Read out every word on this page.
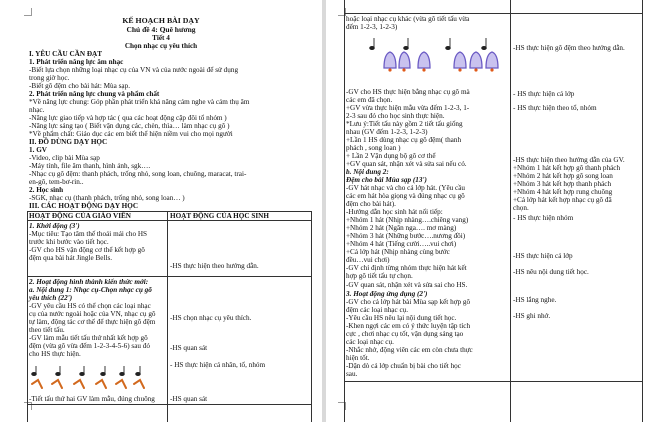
KẾ HOẠCH BÀI DẠY
Chủ đề 4: Quê hương
Tiết 4
Chọn nhạc cụ yêu thích
I. YÊU CẦU CẦN ĐẠT
1. Phát triển năng lực âm nhạc
-Biết lựa chọn những loại nhạc cụ của VN và của nước ngoài để sử dụng
trong giờ học.
-Biết gõ đệm cho bài hát: Mùa sạp.
2. Phát triển năng lực chung và phẩm chất
*Về năng lực chung: Góp phần phát triển khả năng cảm nghe và cảm thụ âm
nhạc.
-Năng lực giao tiếp và hợp tác ( qua các hoạt động cặp đôi tổ nhóm )
-Năng lực sáng tạo ( Biết vận dụng các, chèn, thìa… làm nhạc cụ gõ )
*Về phẩm chất: Giáo dục các em biết thể hiện niềm vui cho mọi người
II. ĐỒ DÙNG DẠY HỌC
1. GV
-Video, clip bài Mùa sạp
-Máy tính, file âm thanh, hình ảnh, sgk….
-Nhạc cụ gõ đệm: thanh phách, trống nhỏ, song loan, chuông, maracat, trai-
en-gô, tem-bơ-rin..
2. Học sinh
-SGK, nhạc cụ (thanh phách, trống nhỏ, song loan… )
III. CÁC HOẠT ĐỘNG DẠY HỌC
HOẠT ĐỘNG CỦA GIÁO VIÊN	HOẠT ĐỘNG CỦA HỌC SINH
1. Khởi động (3')
-Mục tiêu: Tạo tâm thế thoải mái cho HS
trước khi bước vào tiết học.
-GV cho HS vận động cơ thể kết hợp gõ
đệm qua bài hát Jingle Bells.
-HS thực hiện theo hướng dẫn.
2. Hoạt động hình thành kiến thức mới:
a. Nội dung 1: Nhạc cụ-Chọn nhạc cụ gõ
yêu thích (22')
-GV yêu cầu HS có thể chọn các loại nhạc
cụ của nước ngoài hoặc của VN, nhạc cụ gõ
tự làm, động tác cơ thể để thực hiện gõ đệm
theo tiết tấu.
-GV làm mẫu tiết tấu thứ nhất kết hợp gõ
đệm (vừa gõ vừa đếm 1-2-3-4-5-6) sau đó
cho HS thực hiện.
-HS chọn nhạc cụ yêu thích.
-HS quan sát
- HS thực hiện cá nhân, tổ, nhóm
-Tiết tấu thứ hai GV làm mẫu, đúng chuông -HS quan sát
hoặc loại nhạc cụ khác (vừa gõ tiết tấu vừa
đếm 1-2-3, 1-2-3)
-HS thực hiện gõ đệm theo hướng dẫn.
-GV cho HS thực hiện bằng nhạc cụ gõ mà
các em đã chọn.
+GV vừa thực hiện mẫu vừa đếm 1-2-3, 1-
2-3 sau đó cho học sinh thực hiện.
*Lưu ý:Tiết tấu này gồm 2 tiết tấu giống
nhau (GV đếm 1-2-3, 1-2-3)
+Lần 1 HS dùng nhạc cụ gõ đệm( thanh
phách , song loan )
+ Lần 2 Vận dụng bộ gõ cơ thể
+GV quan sát, nhận xét và sửa sai nếu có.
b. Nội dung 2:
Đệm cho bài Mùa sạp (13')
-GV hát nhạc và cho cả lớp hát. (Yêu cầu
các em hát hòa giọng và đúng nhạc cụ gõ
đệm cho bài hát).
-Hướng dẫn học sinh hát nối tiếp:
+Nhóm 1 hát (Nhịp nhàng….chiêng vang)
+Nhóm 2 hát (Ngân nga…. mơ màng)
+Nhóm 3 hát (Những bước….nương đồi)
+Nhóm 4 hát (Tiếng cười…..vui chơi)
+Cả lớp hát (Nhịp nhàng cùng bước
đều…vui chơi)
-GV chỉ định từng nhóm thực hiện hát kết
hợp gõ tiết tấu tự chọn.
-GV quan sát, nhận xét và sửa sai cho HS.
3. Hoạt động ứng dụng (2')
-GV cho cả lớp hát bài Mùa sạp kết hợp gõ
đệm các loại nhạc cụ.
-Yêu cầu HS nêu lại nội dung tiết học.
-Khen ngợi các em có ý thức luyện tập tích
cực , chơi nhạc cụ tốt, vận dụng sáng tạo
các loại nhạc cụ.
-Nhắc nhở, động viên các em còn chưa thực
hiện tốt.
-Dặn dò cả lớp chuẩn bị bài cho tiết học
sau.
- HS thực hiện cá lớp
- HS thực hiện theo tổ, nhóm
-HS thực hiện theo hướng dẫn của GV.
+Nhóm 1 hát kết hợp gõ thanh phách
+Nhóm 2 hát kết hợp gõ song loan
+Nhóm 3 hát kết hợp thanh phách
+Nhóm 4 hát kết hợp rung chuông
+Cả lớp hát kết hợp nhạc cụ gõ đã
chọn.
- HS thực hiện nhóm
-HS thực hiện cả lớp
-HS nêu nội dung tiết học.
-HS lắng nghe.
-HS ghi nhớ.
